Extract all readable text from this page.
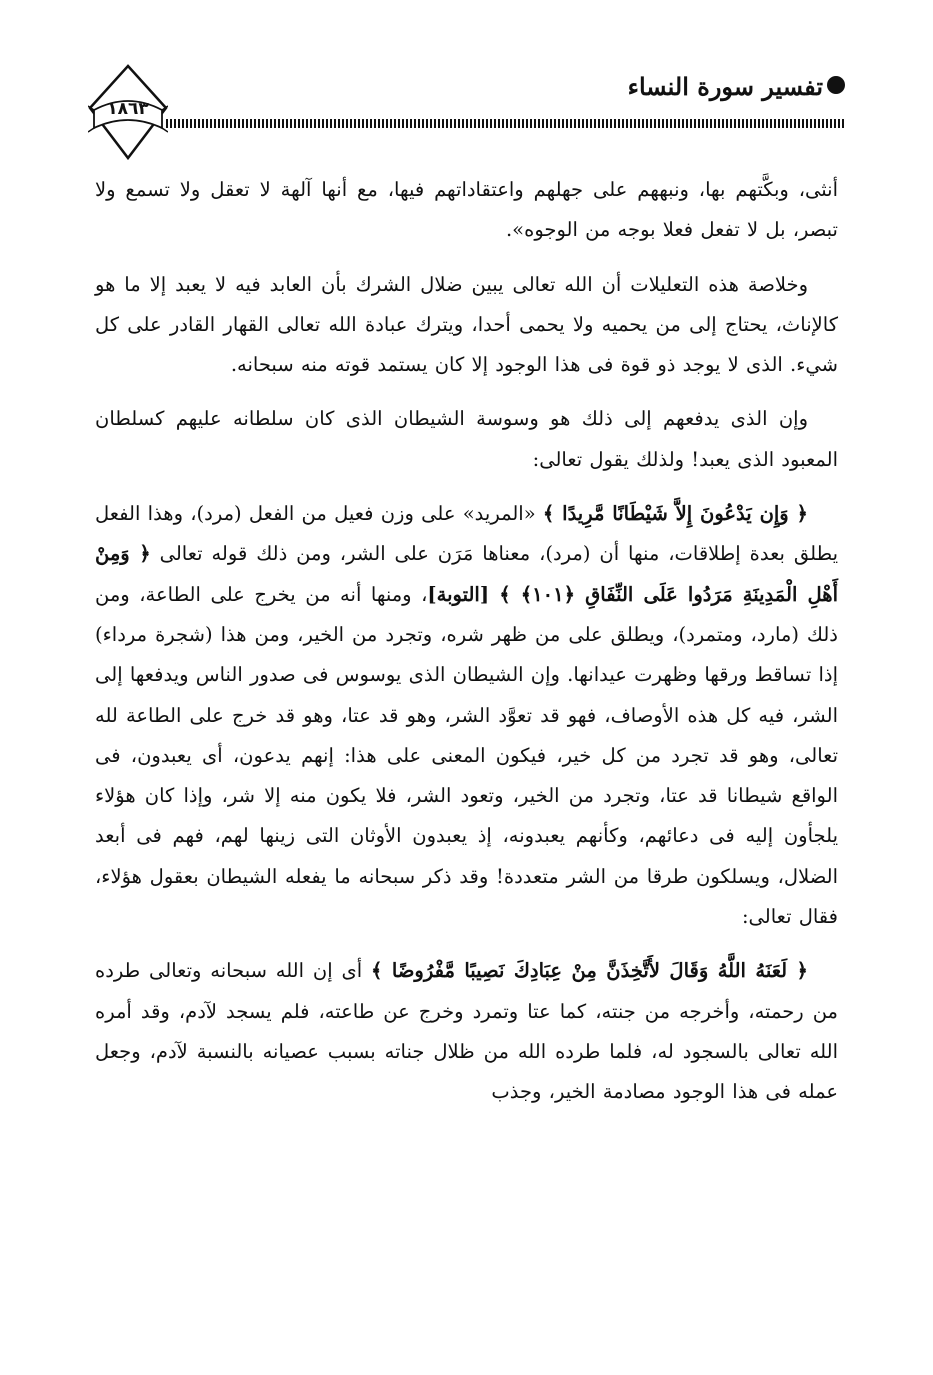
تفسير سورة النساء
١٨٦٣

أنثى، وبكَّتهم بها، ونبههم على جهلهم واعتقاداتهم فيها، مع أنها آلهة لا تعقل ولا تسمع ولا تبصر، بل لا تفعل فعلا بوجه من الوجوه».

وخلاصة هذه التعليلات أن الله تعالى يبين ضلال الشرك بأن العابد فيه لا يعبد إلا ما هو كالإناث، يحتاج إلى من يحميه ولا يحمى أحدا، ويترك عبادة الله تعالى القهار القادر على كل شيء. الذى لا يوجد ذو قوة فى هذا الوجود إلا كان يستمد قوته منه سبحانه.

وإن الذى يدفعهم إلى ذلك هو وسوسة الشيطان الذى كان سلطانه عليهم كسلطان المعبود الذى يعبد! ولذلك يقول تعالى:

﴿ وَإِن يَدْعُونَ إِلاَّ شَيْطَانًا مَّرِيدًا ﴾ «المريد» على وزن فعيل من الفعل (مرد)، وهذا الفعل يطلق بعدة إطلاقات، منها أن (مرد)، معناها مَرَن على الشر، ومن ذلك قوله تعالى ﴿ وَمِنْ أَهْلِ الْمَدِينَةِ مَرَدُوا عَلَى النِّفَاقِ ﴿١٠١﴾ ﴾ [التوبة]، ومنها أنه من يخرج على الطاعة، ومن ذلك (مارد، ومتمرد)، ويطلق على من ظهر شره، وتجرد من الخير، ومن هذا (شجرة مرداء) إذا تساقط ورقها وظهرت عيدانها. وإن الشيطان الذى يوسوس فى صدور الناس ويدفعها إلى الشر، فيه كل هذه الأوصاف، فهو قد تعوَّد الشر، وهو قد عتا، وهو قد خرج على الطاعة لله تعالى، وهو قد تجرد من كل خير، فيكون المعنى على هذا: إنهم يدعون، أى يعبدون، فى الواقع شيطانا قد عتا، وتجرد من الخير، وتعود الشر، فلا يكون منه إلا شر، وإذا كان هؤلاء يلجأون إليه فى دعائهم، وكأنهم يعبدونه، إذ يعبدون الأوثان التى زينها لهم، فهم فى أبعد الضلال، ويسلكون طرقا من الشر متعددة! وقد ذكر سبحانه ما يفعله الشيطان بعقول هؤلاء، فقال تعالى:

﴿ لَعَنَهُ اللَّهُ وَقَالَ لأَتَّخِذَنَّ مِنْ عِبَادِكَ نَصِيبًا مَّفْرُوضًا ﴾ أى إن الله سبحانه وتعالى طرده من رحمته، وأخرجه من جنته، كما عتا وتمرد وخرج عن طاعته، فلم يسجد لآدم، وقد أمره الله تعالى بالسجود له، فلما طرده الله من ظلال جناته بسبب عصيانه بالنسبة لآدم، وجعل عمله فى هذا الوجود مصادمة الخير، وجذب
